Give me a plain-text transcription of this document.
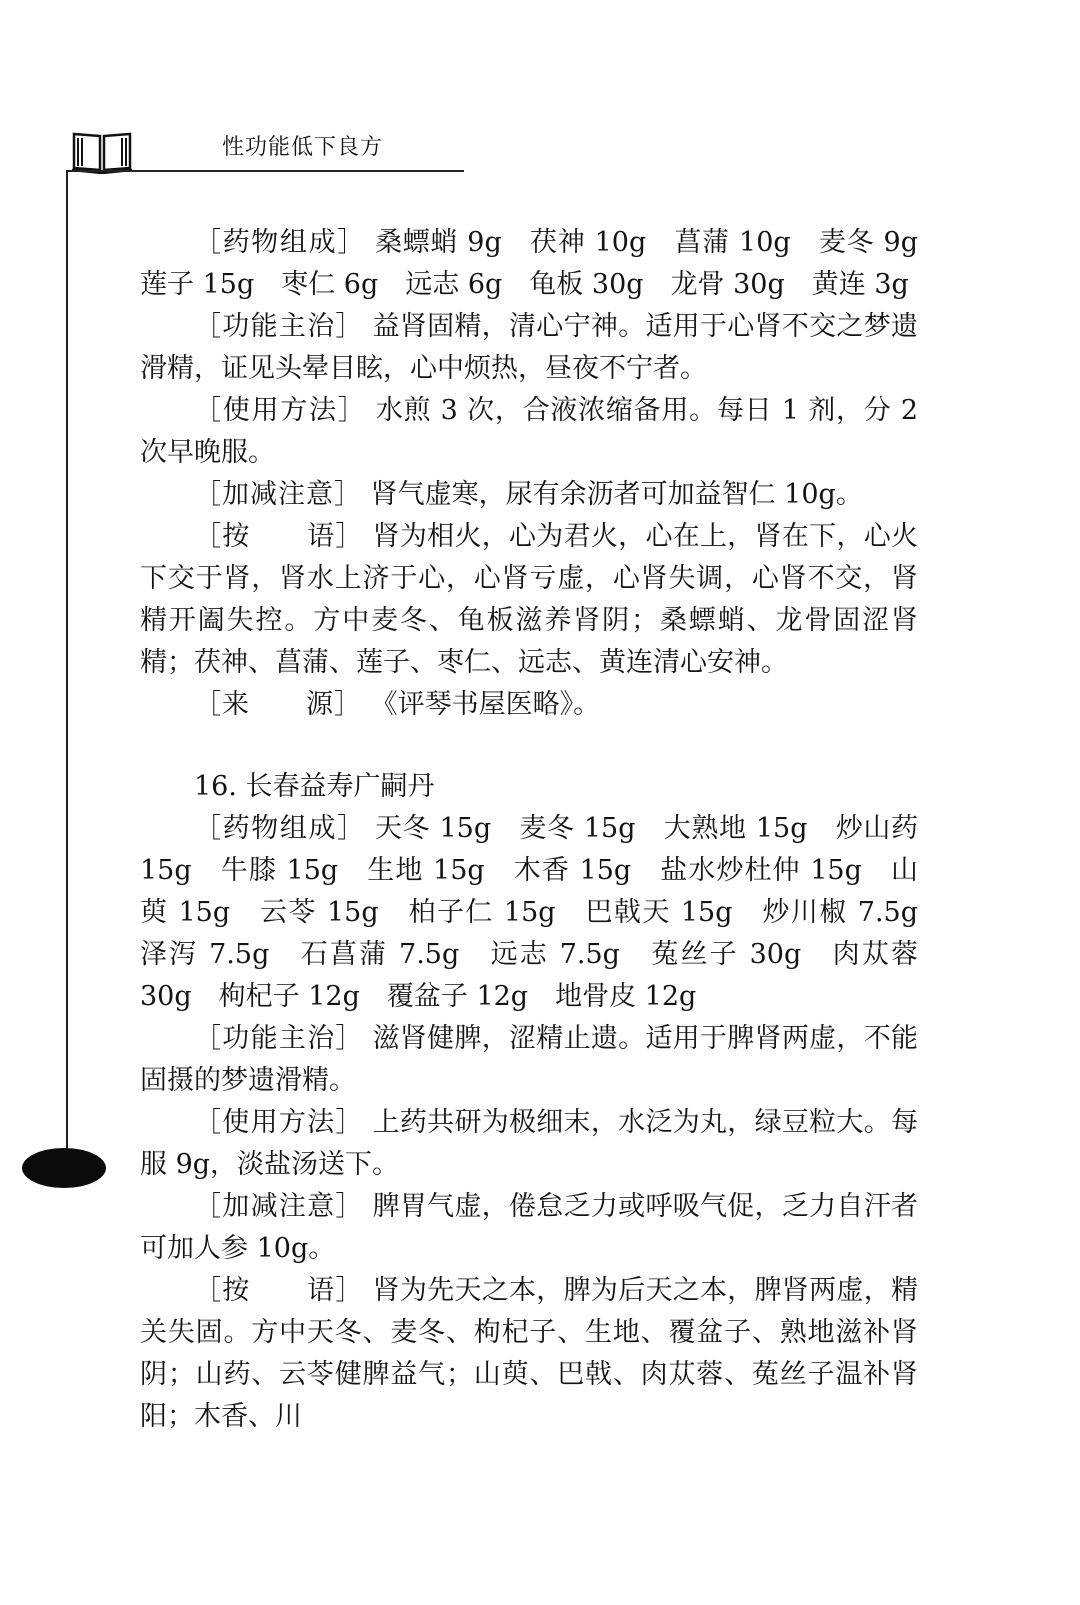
性功能低下良方

［药物组成］ 桑螵蛸 9g　茯神 10g　菖蒲 10g　麦冬 9g　莲子 15g　枣仁 6g　远志 6g　龟板 30g　龙骨 30g　黄连 3g

［功能主治］ 益肾固精，清心宁神。适用于心肾不交之梦遗滑精，证见头晕目眩，心中烦热，昼夜不宁者。

［使用方法］ 水煎 3 次，合液浓缩备用。每日 1 剂，分 2 次早晚服。

［加减注意］ 肾气虚寒，尿有余沥者可加益智仁 10g。

［按　　语］ 肾为相火，心为君火，心在上，肾在下，心火下交于肾，肾水上济于心，心肾亏虚，心肾失调，心肾不交，肾精开阖失控。方中麦冬、龟板滋养肾阴；桑螵蛸、龙骨固涩肾精；茯神、菖蒲、莲子、枣仁、远志、黄连清心安神。

［来　　源］ 《评琴书屋医略》。

16. 长春益寿广嗣丹

［药物组成］ 天冬 15g　麦冬 15g　大熟地 15g　炒山药 15g　牛膝 15g　生地 15g　木香 15g　盐水炒杜仲 15g　山萸 15g　云苓 15g　柏子仁 15g　巴戟天 15g　炒川椒 7.5g　泽泻 7.5g　石菖蒲 7.5g　远志 7.5g　菟丝子 30g　肉苁蓉 30g　枸杞子 12g　覆盆子 12g　地骨皮 12g

［功能主治］ 滋肾健脾，涩精止遗。适用于脾肾两虚，不能固摄的梦遗滑精。

［使用方法］ 上药共研为极细末，水泛为丸，绿豆粒大。每服 9g，淡盐汤送下。

［加减注意］ 脾胃气虚，倦怠乏力或呼吸气促，乏力自汗者可加人参 10g。

［按　　语］ 肾为先天之本，脾为后天之本，脾肾两虚，精关失固。方中天冬、麦冬、枸杞子、生地、覆盆子、熟地滋补肾阴；山药、云苓健脾益气；山萸、巴戟、肉苁蓉、菟丝子温补肾阳；木香、川
